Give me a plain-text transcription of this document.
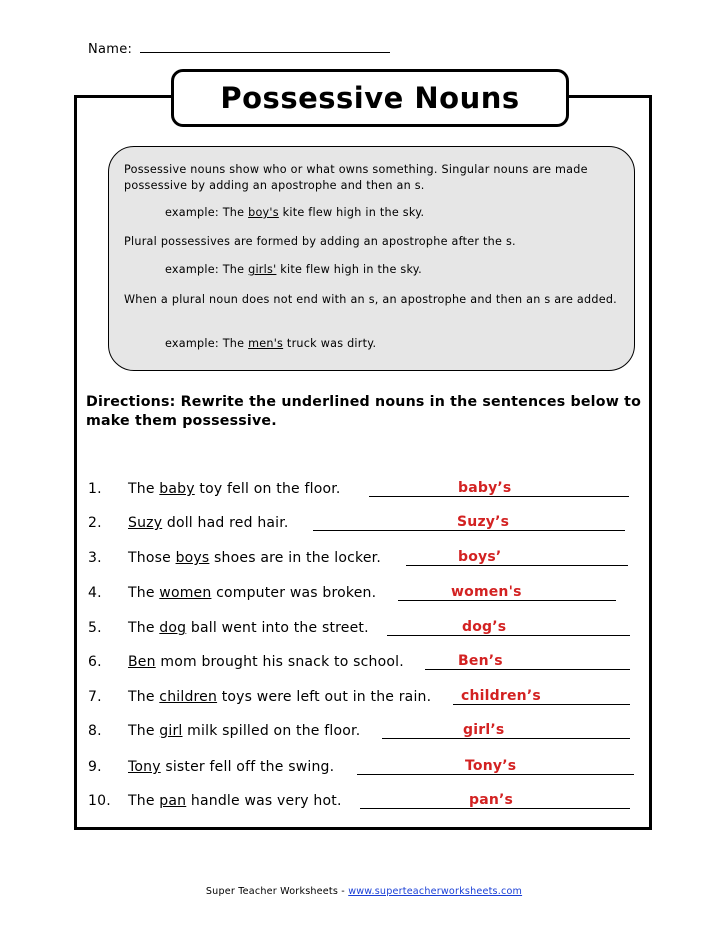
Name:
Possessive Nouns

Possessive nouns show who or what owns something. Singular nouns are made possessive by adding an apostrophe and then an s.

example: The boy's kite flew high in the sky.

Plural possessives are formed by adding an apostrophe after the s.

example: The girls' kite flew high in the sky.

When a plural noun does not end with an s, an apostrophe and then an s are added.

example: The men's truck was dirty.

Directions: Rewrite the underlined nouns in the sentences below to make them possessive.
1. The baby toy fell on the floor.	baby’s
2. Suzy doll had red hair.	Suzy’s
3. Those boys shoes are in the locker.	boys’
4. The women computer was broken.	women's
5. The dog ball went into the street.	dog’s
6. Ben mom brought his snack to school.	Ben’s
7. The children toys were left out in the rain. children’s
8. The girl milk spilled on the floor.	girl’s
9. Tony sister fell off the swing.	Tony’s
10. The pan handle was very hot.	pan’s
Super Teacher Worksheets - www.superteacherworksheets.com
